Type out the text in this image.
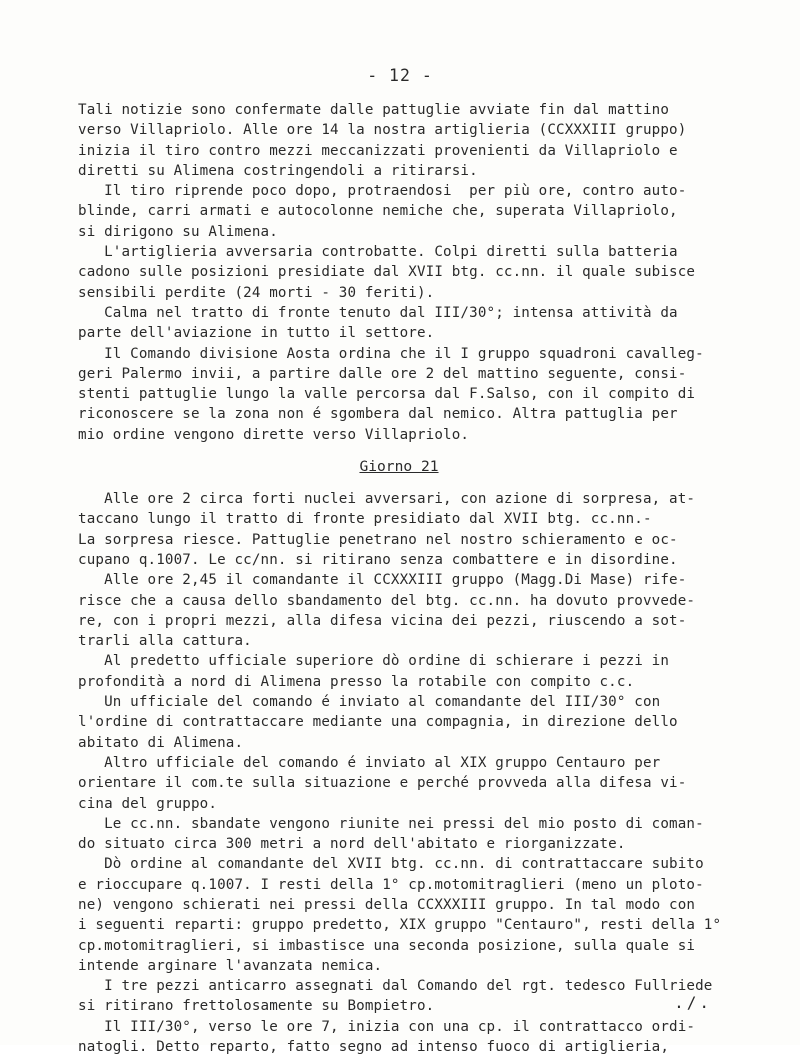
- 12 -
Tali notizie sono confermate dalle pattuglie avviate fin dal mattino
verso Villapriolo. Alle ore 14 la nostra artiglieria (CCXXXIII gruppo)
inizia il tiro contro mezzi meccanizzati provenienti da Villapriolo e
diretti su Alimena costringendoli a ritirarsi.
Il tiro riprende poco dopo, protraendosi  per più ore, contro auto-
blinde, carri armati e autocolonne nemiche che, superata Villapriolo,
si dirigono su Alimena.
L'artiglieria avversaria controbatte. Colpi diretti sulla batteria
cadono sulle posizioni presidiate dal XVII btg. cc.nn. il quale subisce
sensibili perdite (24 morti - 30 feriti).
Calma nel tratto di fronte tenuto dal III/30°; intensa attività da
parte dell'aviazione in tutto il settore.
Il Comando divisione Aosta ordina che il I gruppo squadroni cavalleg-
geri Palermo invii, a partire dalle ore 2 del mattino seguente, consi-
stenti pattuglie lungo la valle percorsa dal F.Salso, con il compito di
riconoscere se la zona non é sgombera dal nemico. Altra pattuglia per
mio ordine vengono dirette verso Villapriolo.
Giorno 21
Alle ore 2 circa forti nuclei avversari, con azione di sorpresa, at-
taccano lungo il tratto di fronte presidiato dal XVII btg. cc.nn.-
La sorpresa riesce. Pattuglie penetrano nel nostro schieramento e oc-
cupano q.1007. Le cc/nn. si ritirano senza combattere e in disordine.
Alle ore 2,45 il comandante il CCXXXIII gruppo (Magg.Di Mase) rife-
risce che a causa dello sbandamento del btg. cc.nn. ha dovuto provvede-
re, con i propri mezzi, alla difesa vicina dei pezzi, riuscendo a sot-
trarli alla cattura.
Al predetto ufficiale superiore dò ordine di schierare i pezzi in
profondità a nord di Alimena presso la rotabile con compito c.c.
Un ufficiale del comando é inviato al comandante del III/30° con
l'ordine di contrattaccare mediante una compagnia, in direzione dello
abitato di Alimena.
Altro ufficiale del comando é inviato al XIX gruppo Centauro per
orientare il com.te sulla situazione e perché provveda alla difesa vi-
cina del gruppo.
Le cc.nn. sbandate vengono riunite nei pressi del mio posto di coman-
do situato circa 300 metri a nord dell'abitato e riorganizzate.
Dò ordine al comandante del XVII btg. cc.nn. di contrattaccare subito
e rioccupare q.1007. I resti della 1° cp.motomitraglieri (meno un ploto-
ne) vengono schierati nei pressi della CCXXXIII gruppo. In tal modo con
i seguenti reparti: gruppo predetto, XIX gruppo "Centauro", resti della 1°
cp.motomitraglieri, si imbastisce una seconda posizione, sulla quale si
intende arginare l'avanzata nemica.
I tre pezzi anticarro assegnati dal Comando del rgt. tedesco Fullriede
si ritirano frettolosamente su Bompietro.
Il III/30°, verso le ore 7, inizia con una cp. il contrattacco ordi-
natogli. Detto reparto, fatto segno ad intenso fuoco di artiglieria,
./.
